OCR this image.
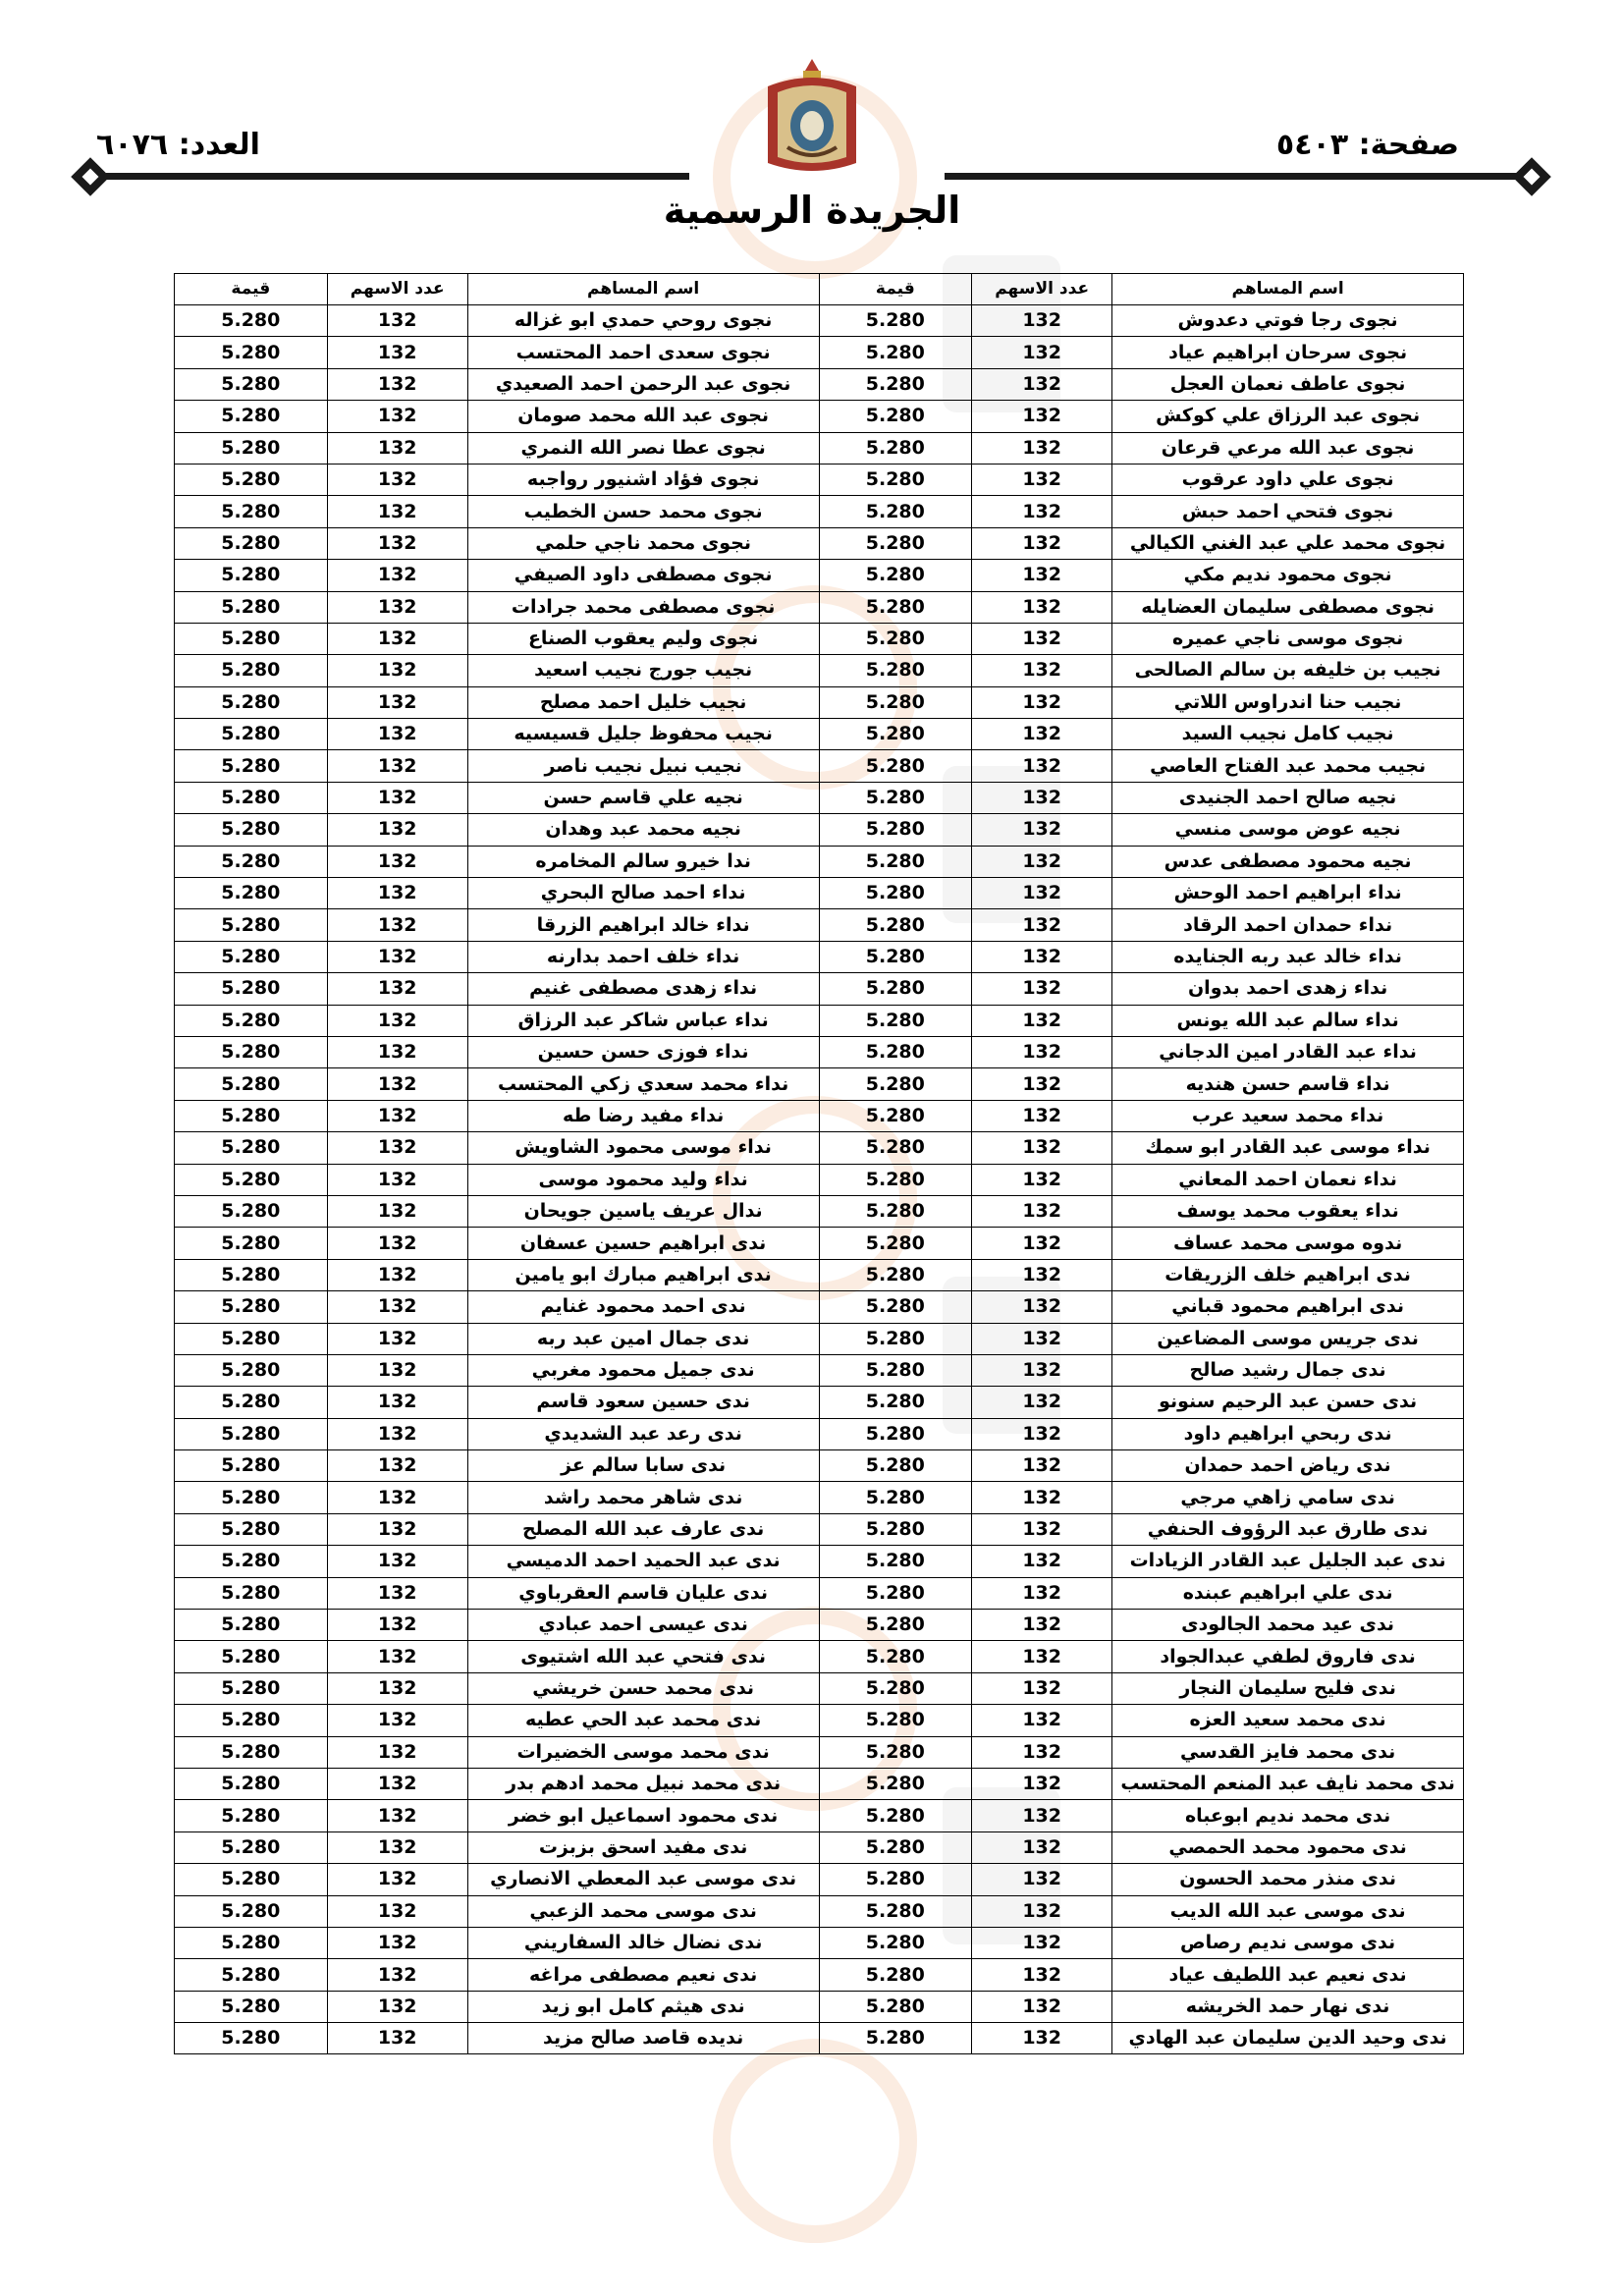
صفحة: ٥٤٠٣
العدد: ٦٠٧٦
الجريدة الرسمية
اسم المساهم	عدد الاسهم	قيمة	اسم المساهم	عدد الاسهم	قيمة
نجوى رجا فوتي دعدوش	132	5.280	نجوى روحي حمدي ابو غزاله	132	5.280
نجوى سرحان ابراهيم عياد	132	5.280	نجوى سعدى احمد المحتسب	132	5.280
نجوى عاطف نعمان العجل	132	5.280	نجوى عبد الرحمن احمد الصعيدي	132	5.280
نجوى عبد الرزاق علي كوكش	132	5.280	نجوى عبد الله محمد صومان	132	5.280
نجوى عبد الله مرعي قرعان	132	5.280	نجوى عطا نصر الله النمري	132	5.280
نجوى علي داود عرقوب	132	5.280	نجوى فؤاد اشنيور رواجبه	132	5.280
نجوى فتحي احمد حبش	132	5.280	نجوى محمد حسن الخطيب	132	5.280
نجوى محمد علي عبد الغني الكيالي	132	5.280	نجوى محمد ناجي حلمي	132	5.280
نجوى محمود نديم مكي	132	5.280	نجوى مصطفى داود الصيفي	132	5.280
نجوى مصطفى سليمان العضايله	132	5.280	نجوى مصطفى محمد جرادات	132	5.280
نجوى موسى ناجي عميره	132	5.280	نجوى وليم يعقوب الصناع	132	5.280
نجيب بن خليفه بن سالم الصالحى	132	5.280	نجيب جورج نجيب اسعيد	132	5.280
نجيب حنا اندراوس اللاتي	132	5.280	نجيب خليل احمد مصلح	132	5.280
نجيب كامل نجيب السيد	132	5.280	نجيب محفوظ جليل قسيسيه	132	5.280
نجيب محمد عبد الفتاح العاصي	132	5.280	نجيب نبيل نجيب ناصر	132	5.280
نجيه صالح احمد الجنيدى	132	5.280	نجيه علي قاسم حسن	132	5.280
نجيه عوض موسى منسي	132	5.280	نجيه محمد عبد وهدان	132	5.280
نجيه محمود مصطفى عدس	132	5.280	ندا خيرو سالم المخامره	132	5.280
نداء ابراهيم احمد الوحش	132	5.280	نداء احمد صالح البحري	132	5.280
نداء حمدان احمد الرقاد	132	5.280	نداء خالد ابراهيم الزرقا	132	5.280
نداء خالد عبد ربه الجنايده	132	5.280	نداء خلف احمد بدارنه	132	5.280
نداء زهدى احمد بدوان	132	5.280	نداء زهدى مصطفى غنيم	132	5.280
نداء سالم عبد الله يونس	132	5.280	نداء عباس شاكر عبد الرزاق	132	5.280
نداء عبد القادر امين الدجاني	132	5.280	نداء فوزى حسن حسين	132	5.280
نداء قاسم حسن هنديه	132	5.280	نداء محمد سعدي زكي المحتسب	132	5.280
نداء محمد سعيد عرب	132	5.280	نداء مفيد رضا طه	132	5.280
نداء موسى عبد القادر ابو سمك	132	5.280	نداء موسى محمود الشاويش	132	5.280
نداء نعمان احمد المعاني	132	5.280	نداء وليد محمود موسى	132	5.280
نداء يعقوب محمد يوسف	132	5.280	ندال عريف ياسين جويحان	132	5.280
ندوه موسى محمد عساف	132	5.280	ندى ابراهيم حسين عسفان	132	5.280
ندى ابراهيم خلف الزريقات	132	5.280	ندى ابراهيم مبارك ابو يامين	132	5.280
ندى ابراهيم محمود قباني	132	5.280	ندى احمد محمود غنايم	132	5.280
ندى جريس موسى المضاعين	132	5.280	ندى جمال امين عبد ربه	132	5.280
ندى جمال رشيد صالح	132	5.280	ندى جميل محمود مغربي	132	5.280
ندى حسن عبد الرحيم سنونو	132	5.280	ندى حسين سعود قاسم	132	5.280
ندى ربحي ابراهيم داود	132	5.280	ندى رعد عبد الشديدي	132	5.280
ندى رياض احمد حمدان	132	5.280	ندى سابا سالم عز	132	5.280
ندى سامي زاهي مرجي	132	5.280	ندى شاهر محمد راشد	132	5.280
ندى طارق عبد الرؤوف الحنفي	132	5.280	ندى عارف عبد الله المصلح	132	5.280
ندى عبد الجليل عبد القادر الزيادات	132	5.280	ندى عبد الحميد احمد الدميسي	132	5.280
ندى علي ابراهيم عبنده	132	5.280	ندى عليان قاسم العقرباوي	132	5.280
ندى عيد محمد الجالودى	132	5.280	ندى عيسى احمد عبادي	132	5.280
ندى فاروق لطفي عبدالجواد	132	5.280	ندى فتحي عبد الله اشتيوى	132	5.280
ندى فليح سليمان النجار	132	5.280	ندى محمد حسن خريشي	132	5.280
ندى محمد سعيد العزه	132	5.280	ندى محمد عبد الحي عطيه	132	5.280
ندى محمد فايز القدسي	132	5.280	ندى محمد موسى الخضيرات	132	5.280
ندى محمد نايف عبد المنعم المحتسب	132	5.280	ندى محمد نبيل محمد ادهم بدر	132	5.280
ندى محمد نديم ابوعباه	132	5.280	ندى محمود اسماعيل ابو خضر	132	5.280
ندى محمود محمد الحمصي	132	5.280	ندى مفيد اسحق بزبزت	132	5.280
ندى منذر محمد الحسون	132	5.280	ندى موسى عبد المعطي الانصاري	132	5.280
ندى موسى عبد الله الديب	132	5.280	ندى موسى محمد الزعبي	132	5.280
ندى موسى نديم رصاص	132	5.280	ندى نضال خالد السفاريني	132	5.280
ندى نعيم عبد اللطيف عياد	132	5.280	ندى نعيم مصطفى مراغه	132	5.280
ندى نهار حمد الخريشه	132	5.280	ندى هيثم كامل ابو زيد	132	5.280
ندى وحيد الدين سليمان عبد الهادي	132	5.280	نديده قاصد صالح مزيد	132	5.280
